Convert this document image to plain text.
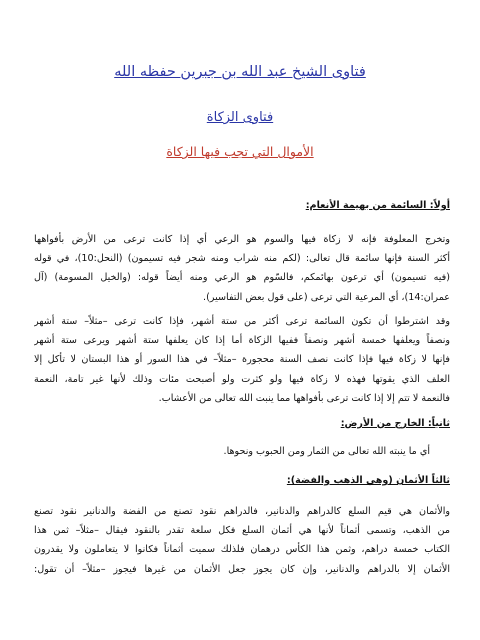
فتاوى الشيخ عبد الله بن جبرين حفظه الله
فتاوى الزكاة
الأموال التي تجب فيها الزكاة
أولاً: السائمة من بهيمة الأنعام:
وتخرج المعلوفة فإنه لا زكاة فيها والسوم هو الرعي أي إذا كانت ترعى من الأرض بأفواهها
أكثر السنة فإنها سائمة قال تعالى: (لكم منه شراب ومنه شجر فيه تسيمون) (النحل:10)، في قوله
(فيه تسيمون) أي ترعون بهائمكم، فالسّوم هو الرعي ومنه أيضاً قوله: (والخيل المسومة) (آل
عمران:14)، أي المرعية التي ترعى (على قول بعض التفاسير).
وقد اشترطوا أن تكون السائمة ترعى أكثر من ستة أشهر، فإذا كانت ترعى –مثلاً– ستة أشهر
ونصفاً ويعلفها خمسة أشهر ونصفاً ففيها الزكاة أما إذا كان يعلفها ستة أشهر ويرعى ستة أشهر
فإنها لا زكاة فيها فإذا كانت نصف السنة محجورة –مثلاً– في هذا السور أو هذا البستان لا تأكل إلا
العلف الذي يقوتها فهذه لا زكاة فيها ولو كثرت ولو أصبحت مئات وذلك لأنها غير تامة، النعمة
فالنعمة لا تتم إلا إذا كانت ترعى بأفواهها مما ينبت الله تعالى من الأعشاب.
ثانياً: الخارج من الأرض:
أي ما ينبته الله تعالى من الثمار ومن الحبوب ونحوها.
ثالثاً الأثمان (وهي الذهب والفضة):
والأثمان هي قيم السلع كالدراهم والدنانير، فالدراهم نقود تصنع من الفضة والدنانير نقود تصنع
من الذهب، وتسمى أثماناً لأنها هي أثمان السلع فكل سلعة تقدر بالنقود فيقال –مثلاً– ثمن هذا
الكتاب خمسة دراهم، وثمن هذا الكأس درهمان فلذلك سميت أثماناً فكانوا لا يتعاملون ولا يقدرون
الأثمان إلا بالدراهم والدنانير، وإن كان يجوز جعل الأثمان من غيرها فيجوز –مثلاً– أن تقول:
